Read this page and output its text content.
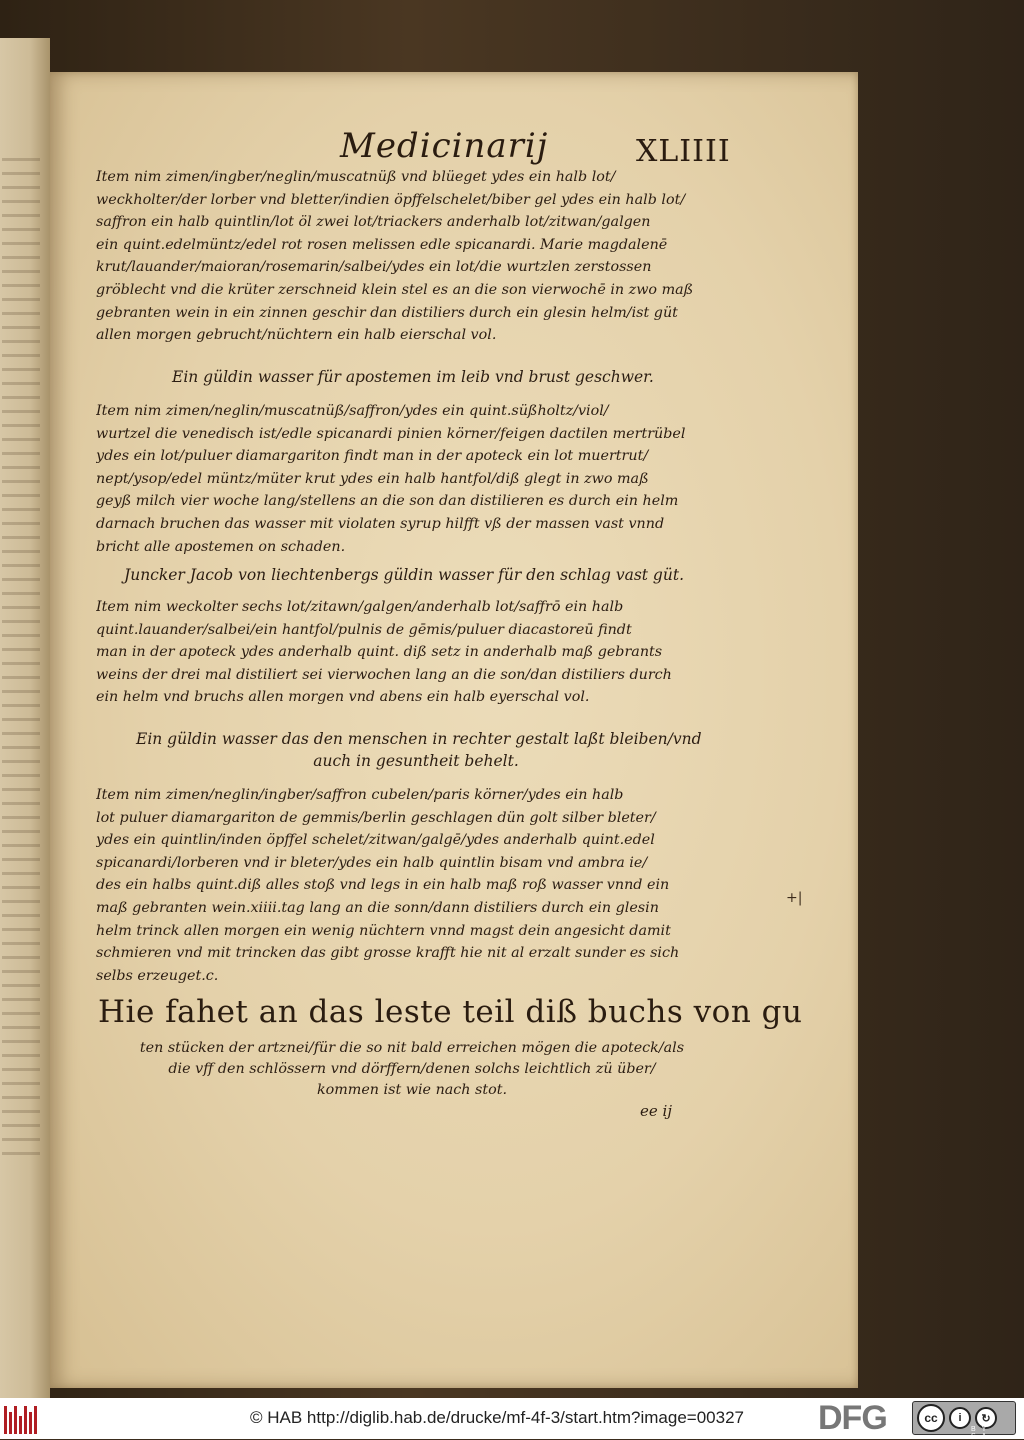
Medicinarij	XLIIII
Item nim zimen/ingber/neglin/muscatnüß vnd blüeget ydes ein halb lot/
weckholter/der lorber vnd bletter/indien öpffelschelet/biber gel ydes ein halb lot/
saffron ein halb quintlin/lot öl zwei lot/triackers anderhalb lot/zitwan/galgen
ein quint.edelmüntz/edel rot rosen melissen edle spicanardi. Marie magdalenē
krut/lauander/maioran/rosemarin/salbei/ydes ein lot/die wurtzlen zerstossen
gröblecht vnd die krüter zerschneid klein stel es an die son vierwochē in zwo maß
gebranten wein in ein zinnen geschir dan distiliers durch ein glesin helm/ist güt
allen morgen gebrucht/nüchtern ein halb eierschal vol.
Ein güldin wasser für apostemen im leib vnd brust geschwer.
Item nim zimen/neglin/muscatnüß/saffron/ydes ein quint.süßholtz/viol/
wurtzel die venedisch ist/edle spicanardi pinien körner/feigen dactilen mertrübel
ydes ein lot/puluer diamargariton findt man in der apoteck ein lot muertrut/
nept/ysop/edel müntz/müter krut ydes ein halb hantfol/diß glegt in zwo maß
geyß milch vier woche lang/stellens an die son dan distilieren es durch ein helm
darnach bruchen das wasser mit violaten syrup hilfft vß der massen vast vnnd
bricht alle apostemen on schaden.
Juncker Jacob von liechtenbergs güldin wasser für den schlag vast güt.
Item nim weckolter sechs lot/zitawn/galgen/anderhalb lot/saffrō ein halb
quint.lauander/salbei/ein hantfol/pulnis de gēmis/puluer diacastoreū findt
man in der apoteck ydes anderhalb quint. diß setz in anderhalb maß gebrants
weins der drei mal distiliert sei vierwochen lang an die son/dan distiliers durch
ein helm vnd bruchs allen morgen vnd abens ein halb eyerschal vol.
Ein güldin wasser das den menschen in rechter gestalt laßt bleiben/vnd
auch in gesuntheit behelt.
Item nim zimen/neglin/ingber/saffron cubelen/paris körner/ydes ein halb
lot puluer diamargariton de gemmis/berlin geschlagen dün golt silber bleter/
ydes ein quintlin/inden öpffel schelet/zitwan/galgē/ydes anderhalb quint.edel
spicanardi/lorberen vnd ir bleter/ydes ein halb quintlin bisam vnd ambra ie/
des ein halbs quint.diß alles stoß vnd legs in ein halb maß roß wasser vnnd ein
maß gebranten wein.xiiii.tag lang an die sonn/dann distiliers durch ein glesin
helm trinck allen morgen ein wenig nüchtern vnnd magst dein angesicht damit
schmieren vnd mit trincken das gibt grosse krafft hie nit al erzalt sunder es sich
selbs erzeuget.c.
+|
Hie fahet an das leste teil diß buchs von gu
ten stücken der artznei/für die so nit bald erreichen mögen die apoteck/als
die vff den schlössern vnd dörffern/denen solchs leichtlich zü über/
kommen ist wie nach stot.
ee ij
© HAB http://diglib.hab.de/drucke/mf-4f-3/start.htm?image=00327 DFG	cc	i	↻
BY SA
